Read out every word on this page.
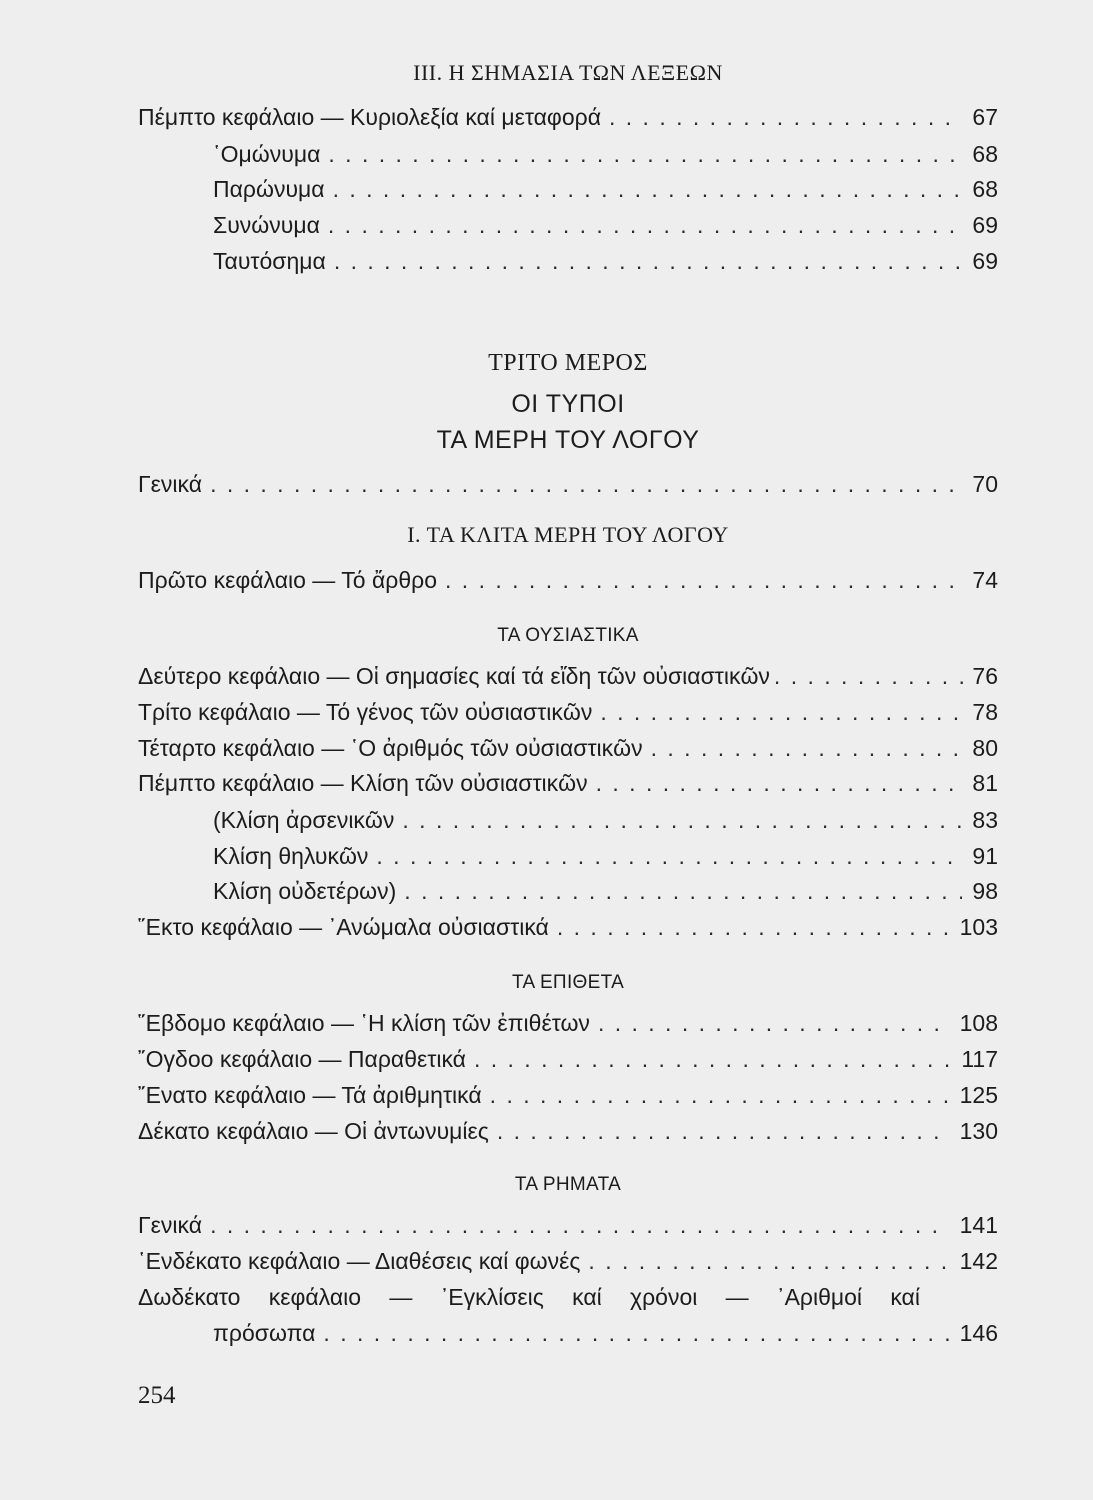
III. Η ΣΗΜΑΣΙΑ ΤΩΝ ΛΕΞΕΩΝ
Πέμπτο κεφάλαιο — Κυριολεξία καί μεταφορά . . .	67
῾Ομώνυμα . . .	68
Παρώνυμα . . .	68
Συνώνυμα . . .	69
Ταυτόσημα . . .	69
ΤΡΙΤΟ ΜΕΡΟΣ
ΟΙ ΤΥΠΟΙ
ΤΑ ΜΕΡΗ ΤΟΥ ΛΟΓΟΥ
Γενικά . . .	70
Ι. ΤΑ ΚΛΙΤΑ ΜΕΡΗ ΤΟΥ ΛΟΓΟΥ
Πρῶτο κεφάλαιο — Τό ἄρθρο . . .	74
ΤΑ ΟΥΣΙΑΣΤΙΚΑ
Δεύτερο κεφάλαιο — Οἱ σημασίες καί τά εἴδη τῶν οὐσιαστικῶν . . .	76
Τρίτο κεφάλαιο — Τό γένος τῶν οὐσιαστικῶν . . .	78
Τέταρτο κεφάλαιο — ῾Ο ἀριθμός τῶν οὐσιαστικῶν . . .	80
Πέμπτο κεφάλαιο — Κλίση τῶν οὐσιαστικῶν . . .	81
(Κλίση ἀρσενικῶν . . .	83
Κλίση θηλυκῶν . . .	91
Κλίση οὐδετέρων) . . .	98
῞Εκτο κεφάλαιο — ᾿Ανώμαλα οὐσιαστικά . . .	103
ΤΑ ΕΠΙΘΕΤΑ
῞Εβδομο κεφάλαιο — ῾Η κλίση τῶν ἐπιθέτων . . .	108
῎Ογδοο κεφάλαιο — Παραθετικά . . .	117
῎Ενατο κεφάλαιο — Τά ἀριθμητικά . . .	125
Δέκατο κεφάλαιο — Οἱ ἀντωνυμίες . . .	130
ΤΑ ΡΗΜΑΤΑ
Γενικά . . .	141
῾Ενδέκατο κεφάλαιο — Διαθέσεις καί φωνές . . .	142
Δωδέκατο κεφάλαιο — ᾿Εγκλίσεις καί χρόνοι — ᾿Αριθμοί καί
πρόσωπα . . .	146
254
